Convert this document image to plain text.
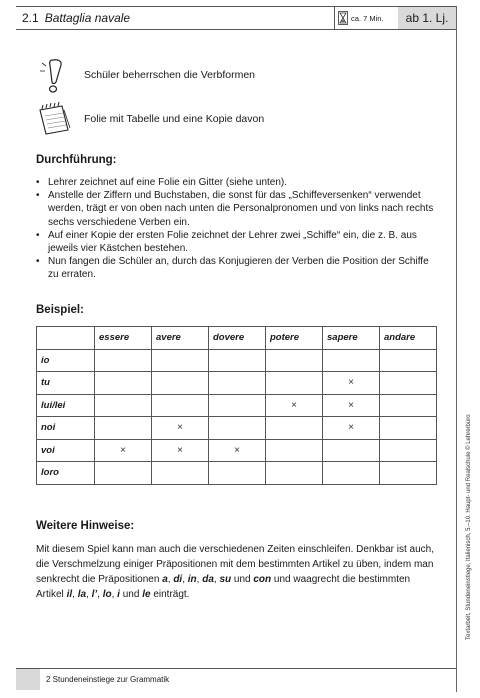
2.1 Battaglia navale	ca. 7 Min.	ab 1. Lj.
Schüler beherrschen die Verbformen
Folie mit Tabelle und eine Kopie davon
Durchführung:
• Lehrer zeichnet auf eine Folie ein Gitter (siehe unten).
• Anstelle der Ziffern und Buchstaben, die sonst für das „Schiffeversenken“ verwendet werden, trägt er von oben nach unten die Personalpronomen und von links nach rechts sechs verschiedene Verben ein.
• Auf einer Kopie der ersten Folie zeichnet der Lehrer zwei „Schiffe“ ein, die z. B. aus jeweils vier Kästchen bestehen.
• Nun fangen die Schüler an, durch das Konjugieren der Verben die Position der Schiffe zu erraten.
Beispiel:
	essere	avere	dovere	potere	sapere	andare
io						
tu					×	
lui/lei				×	×	
noi		×			×	
voi	×	×	×			
loro						
Weitere Hinweise:

Mit diesem Spiel kann man auch die verschiedenen Zeiten einschleifen. Denkbar ist auch, die Verschmelzung einiger Präpositionen mit dem bestimmten Artikel zu üben, indem man senkrecht die Präpositionen a, di, in, da, su und con und waagrecht die bestimmten Artikel il, la, l’, lo, i und le einträgt.	Textarbeit, Stundeneinstiege, Italienisch, 5.–10. Haupt- und Realschule © Lehrerbüro
2 Stundeneinstiege zur Grammatik
